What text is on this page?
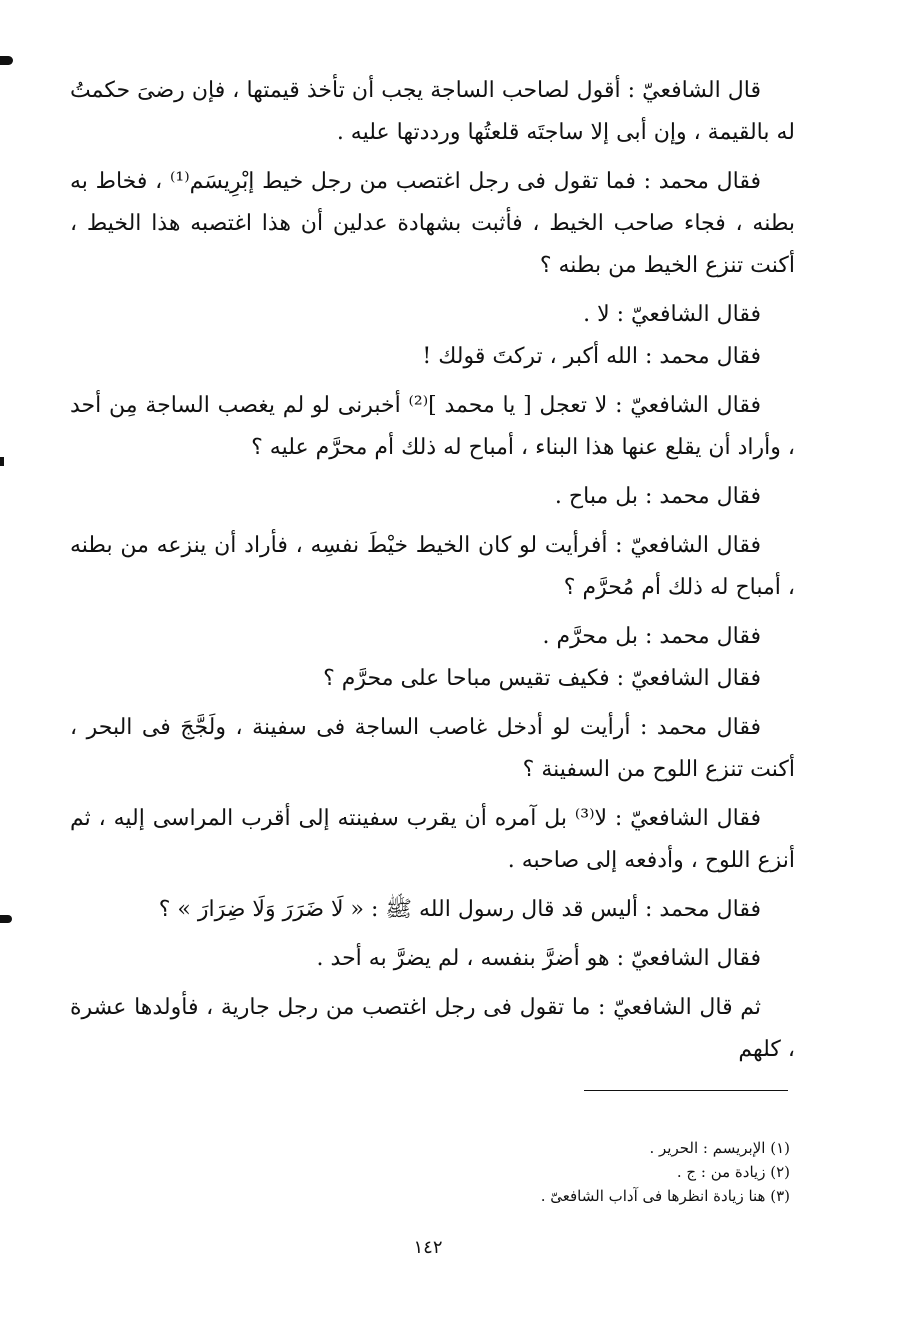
قال الشافعيّ : أقول لصاحب الساجة يجب أن تأخذ قيمتها ، فإن رضىَ حكمتُ له بالقيمة ، وإن أبى إلا ساجتَه قلعتُها ورددتها عليه .

فقال محمد : فما تقول فى رجل اغتصب من رجل خيط إبْرِيسَم⁽¹⁾ ، فخاط به بطنه ، فجاء صاحب الخيط ، فأثبت بشهادة عدلين أن هذا اغتصبه هذا الخيط ، أكنت تنزع الخيط من بطنه ؟

فقال الشافعيّ : لا .

فقال محمد : الله أكبر ، تركتَ قولك !

فقال الشافعيّ : لا تعجل [ يا محمد ]⁽²⁾ أخبرنى لو لم يغصب الساجة مِن أحد ، وأراد أن يقلع عنها هذا البناء ، أمباح له ذلك أم محرَّم عليه ؟

فقال محمد : بل مباح .

فقال الشافعيّ : أفرأيت لو كان الخيط خيْطَ نفسِه ، فأراد أن ينزعه من بطنه ، أمباح له ذلك أم مُحرَّم ؟

فقال محمد : بل محرَّم .

فقال الشافعيّ : فكيف تقيس مباحا على محرَّم ؟

فقال محمد : أرأيت لو أدخل غاصب الساجة فى سفينة ، ولَجَّجَ فى البحر ، أكنت تنزع اللوح من السفينة ؟

فقال الشافعيّ : لا⁽³⁾ بل آمره أن يقرب سفينته إلى أقرب المراسى إليه ، ثم أنزع اللوح ، وأدفعه إلى صاحبه .

فقال محمد : أليس قد قال رسول الله ﷺ : « لَا ضَرَرَ وَلَا ضِرَارَ » ؟

فقال الشافعيّ : هو أضرَّ بنفسه ، لم يضرَّ به أحد .

ثم قال الشافعيّ : ما تقول فى رجل اغتصب من رجل جارية ، فأولدها عشرة ، كلهم

(١) الإبريسم : الحرير .

(٢) زيادة من : ج .

(٣) هنا زيادة انظرها فى آداب الشافعىّ .

١٤٢
